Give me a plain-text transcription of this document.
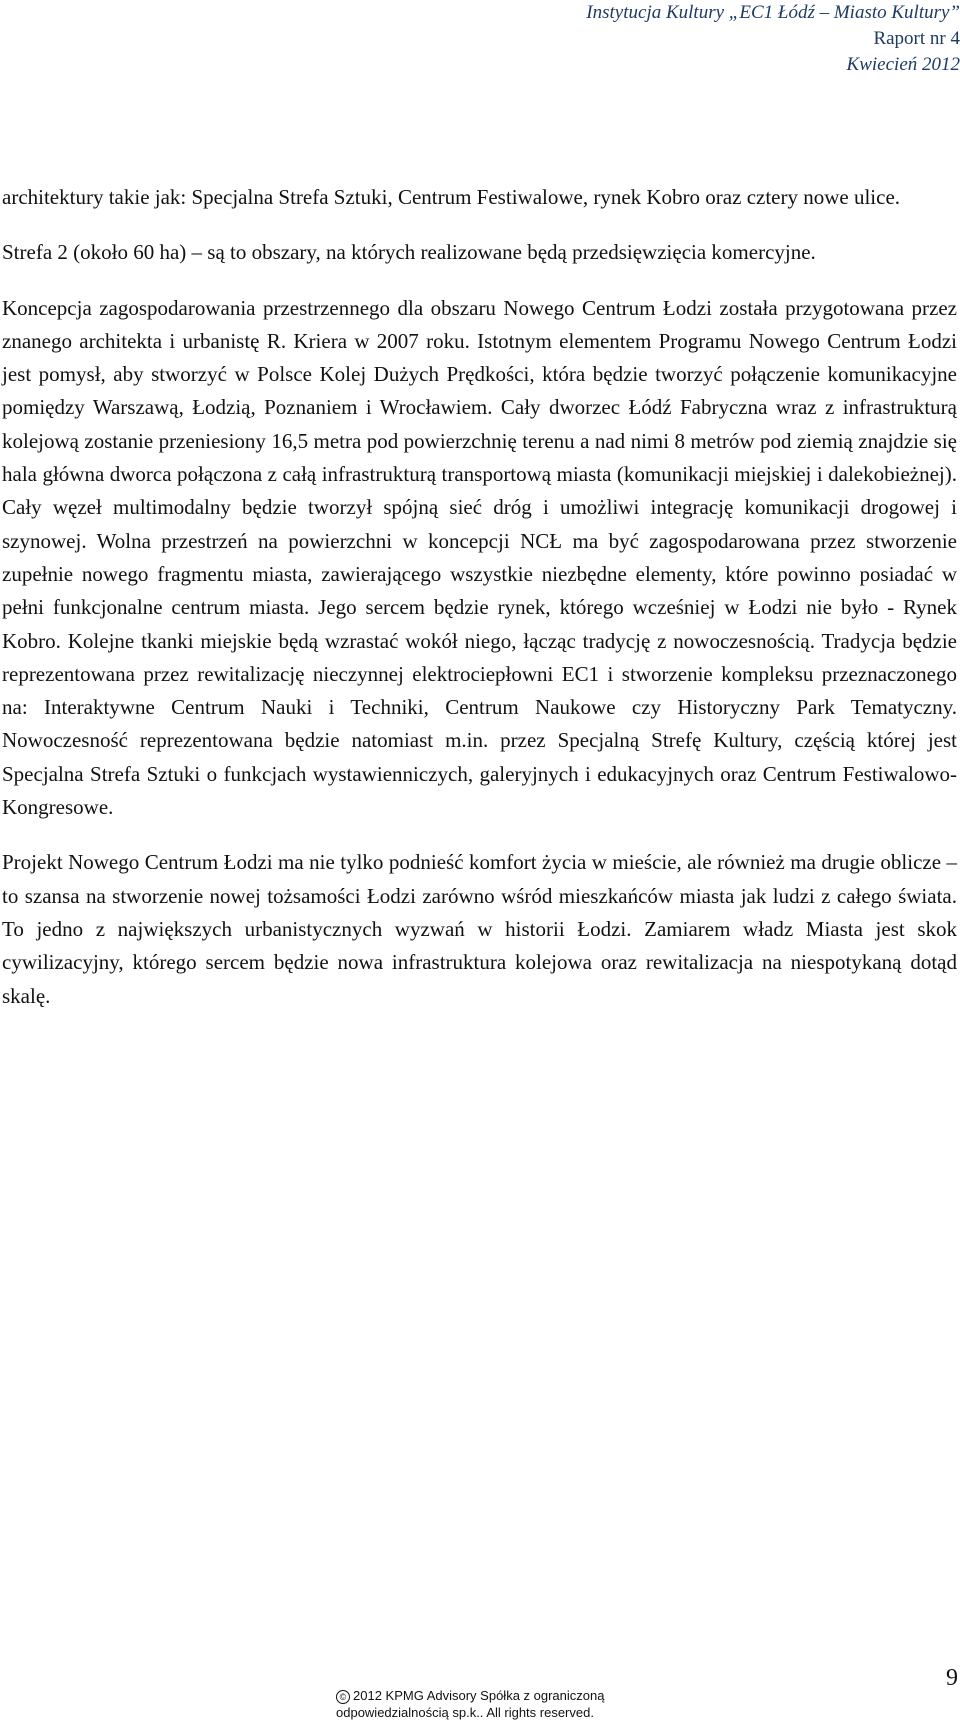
Instytucja Kultury „EC1 Łódź – Miasto Kultury”
Raport nr 4
Kwiecień 2012

architektury takie jak: Specjalna Strefa Sztuki, Centrum Festiwalowe, rynek Kobro oraz cztery nowe ulice.

Strefa 2 (około 60 ha) – są to obszary, na których realizowane będą przedsięwzięcia komercyjne.

Koncepcja zagospodarowania przestrzennego dla obszaru Nowego Centrum Łodzi została przygotowana przez znanego architekta i urbanistę R. Kriera w 2007 roku. Istotnym elementem Programu Nowego Centrum Łodzi jest pomysł, aby stworzyć w Polsce Kolej Dużych Prędkości, która będzie tworzyć połączenie komunikacyjne pomiędzy Warszawą, Łodzią, Poznaniem i Wrocławiem. Cały dworzec Łódź Fabryczna wraz z infrastrukturą kolejową zostanie przeniesiony 16,5 metra pod powierzchnię terenu a nad nimi 8 metrów pod ziemią znajdzie się hala główna dworca połączona z całą infrastrukturą transportową miasta (komunikacji miejskiej i dalekobieżnej). Cały węzeł multimodalny będzie tworzył spójną sieć dróg i umożliwi integrację komunikacji drogowej i szynowej. Wolna przestrzeń na powierzchni w koncepcji NCŁ ma być zagospodarowana przez stworzenie zupełnie nowego fragmentu miasta, zawierającego wszystkie niezbędne elementy, które powinno posiadać w pełni funkcjonalne centrum miasta. Jego sercem będzie rynek, którego wcześniej w Łodzi nie było - Rynek Kobro. Kolejne tkanki miejskie będą wzrastać wokół niego, łącząc tradycję z nowoczesnością. Tradycja będzie reprezentowana przez rewitalizację nieczynnej elektrociepłowni EC1 i stworzenie kompleksu przeznaczonego na: Interaktywne Centrum Nauki i Techniki, Centrum Naukowe czy Historyczny Park Tematyczny. Nowoczesność reprezentowana będzie natomiast m.in. przez Specjalną Strefę Kultury, częścią której jest Specjalna Strefa Sztuki o funkcjach wystawienniczych, galeryjnych i edukacyjnych oraz Centrum Festiwalowo-Kongresowe.

Projekt Nowego Centrum Łodzi ma nie tylko podnieść komfort życia w mieście, ale również ma drugie oblicze – to szansa na stworzenie nowej tożsamości Łodzi zarówno wśród mieszkańców miasta jak ludzi z całego świata. To jedno z największych urbanistycznych wyzwań w historii Łodzi. Zamiarem władz Miasta jest skok cywilizacyjny, którego sercem będzie nowa infrastruktura kolejowa oraz rewitalizacja na niespotykaną dotąd skalę.

9
© 2012 KPMG Advisory Spółka z ograniczoną
odpowiedzialnością sp.k.. All rights reserved.
